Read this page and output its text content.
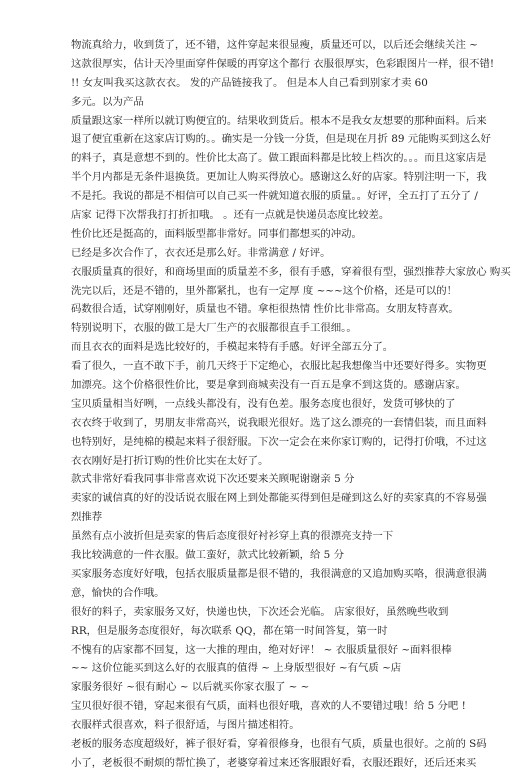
物流真给力，收到货了，还不错，这件穿起来很显瘦，质量还可以，以后还会继续关注 ~
这款很厚实，估计天冷里面穿件保暖的再穿这个都行 衣服很厚实，色彩跟图片一样，很不错!
!! 女友叫我买这款衣衣。 发的产品链接我了。 但是本人自己看到别家才卖 60
多元。以为产品
质量跟这家一样所以就订购便宜的。结果收到货后。根本不是我女友想要的那种面料。后来
退了便宜重新在这家店订购的。。确实是一分钱一分货，但是现在月折 89 元能购买到这么好
的料子，真是意想不到的。性价比太高了。做工跟面料都是比较上档次的。。。而且这家店是
半个月内都是无条件退换货。更加让人购买得放心。感谢这么好的店家。特别注明一下，我
不是托。我说的都是不相信可以自己买一件就知道衣服的质量。。好评，全五打了五分了 /
店家 记得下次帮我打打折扣哦。 。还有一点就是快递员态度比较差。
性价比还是挺高的，面料版型都非常好。同事们都想买的冲动。
已经是多次合作了，衣衣还是那么好。非常满意 / 好评。
衣服质量真的很好，和商场里面的质量差不多，很有手感，穿着很有型，强烈推荐大家放心 购买
洗完以后，还是不错的，里外都紧扎，也有一定厚 度 ~~~这个价格，还是可以的！
码数很合适，试穿刚刚好，质量也不错。拿柜很热情 性价比非常高。女朋友特喜欢。
特别说明下，衣服的做工是大厂生产的衣服都很直手工很细。。
而且衣衣的面料是选比较好的，手模起来特有手感。好评全部五分了。
看了很久，一直不敢下手，前几天终于下定绝心，衣服比起我想像当中还要好得多。实物更
加漂亮。这个价格很性价比，要是拿到商城卖没有一百五是拿不到这货的。感谢店家。
宝贝质量相当好咧，一点线头都没有，没有色差。服务态度也很好，发货可够快的了
衣衣终于收到了，男朋友非常高兴，说我眼光很好。选了这么漂亮的一套情侣装，而且面料
也特别好，是纯棉的模起来料子很舒服。下次一定会在来你家订购的，记得打价哦，不过这
衣衣刚好是打折订购的性价比实在太好了。
款式非常好看我同事非常喜欢说下次还要来关顾呢谢谢亲 5 分
卖家的诚信真的好的没话说衣服在网上到处都能买得到但是碰到这么好的卖家真的不容易强
烈推荐
虽然有点小波折但是卖家的售后态度很好衬衫穿上真的很漂亮支持一下
我比较满意的一件衣服。做工蛮好，款式比较新颖，给 5 分
买家服务态度好好哦，包括衣服质量都是很不错的，我很满意的又追加购买咯，很满意很满
意，愉快的合作哦。
很好的料子，卖家服务又好，快递也快，下次还会光临。 店家很好，虽然晚些收到
RR，但是服务态度很好，每次联系 QQ，都在第一时间答复，第一时
不愧有的店家都不回复，这一大推的理由，绝对好评！ ~ 衣服质量很好 ~面料很棒
~~ 这价位能买到这么好的衣服真的值得 ~ 上身版型很好 ~有气质 ~店
家服务很好 ~很有耐心 ~ 以后就买你家衣服了 ~ ~
宝贝很好很不错，穿起来很有气质，面料也很好哦，喜欢的人不要错过哦！给 5 分吧 !
衣服样式很喜欢，料子很舒适，与图片描述相符。
老板的服务态度超级好，裤子很好看，穿着很修身，也很有气质，质量也很好。之前的 S码
小了，老板很不耐烦的帮忙换了，老婆穿着过来还客服跟好看，衣服还跟好，还后还来买
